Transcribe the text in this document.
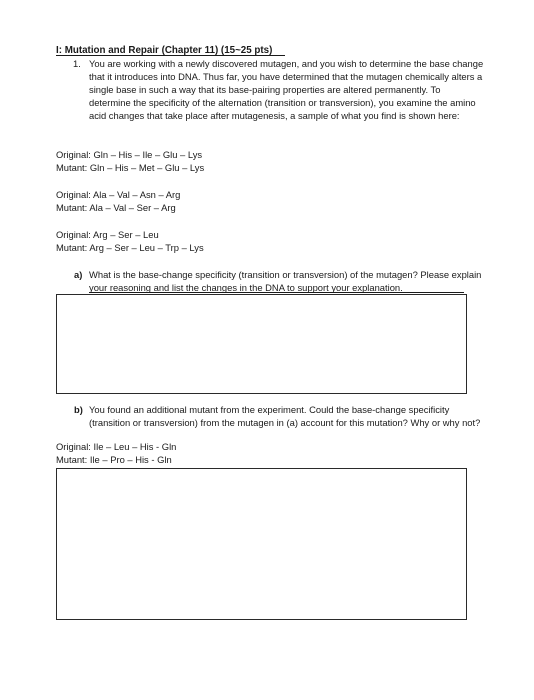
I: Mutation and Repair (Chapter 11) (15~25 pts)
1. You are working with a newly discovered mutagen, and you wish to determine the base change that it introduces into DNA. Thus far, you have determined that the mutagen chemically alters a single base in such a way that its base-pairing properties are altered permanently. To determine the specificity of the alternation (transition or transversion), you examine the amino acid changes that take place after mutagenesis, a sample of what you find is shown here:
Original: Gln – His – Ile – Glu – Lys
Mutant: Gln – His – Met – Glu – Lys
Original: Ala – Val – Asn – Arg
Mutant: Ala – Val – Ser – Arg
Original: Arg – Ser – Leu
Mutant: Arg – Ser – Leu – Trp – Lys
a) What is the base-change specificity (transition or transversion) of the mutagen? Please explain your reasoning and list the changes in the DNA to support your explanation.
b) You found an additional mutant from the experiment. Could the base-change specificity (transition or transversion) from the mutagen in (a) account for this mutation? Why or why not?
Original: Ile – Leu – His - Gln
Mutant: Ile – Pro – His - Gln
